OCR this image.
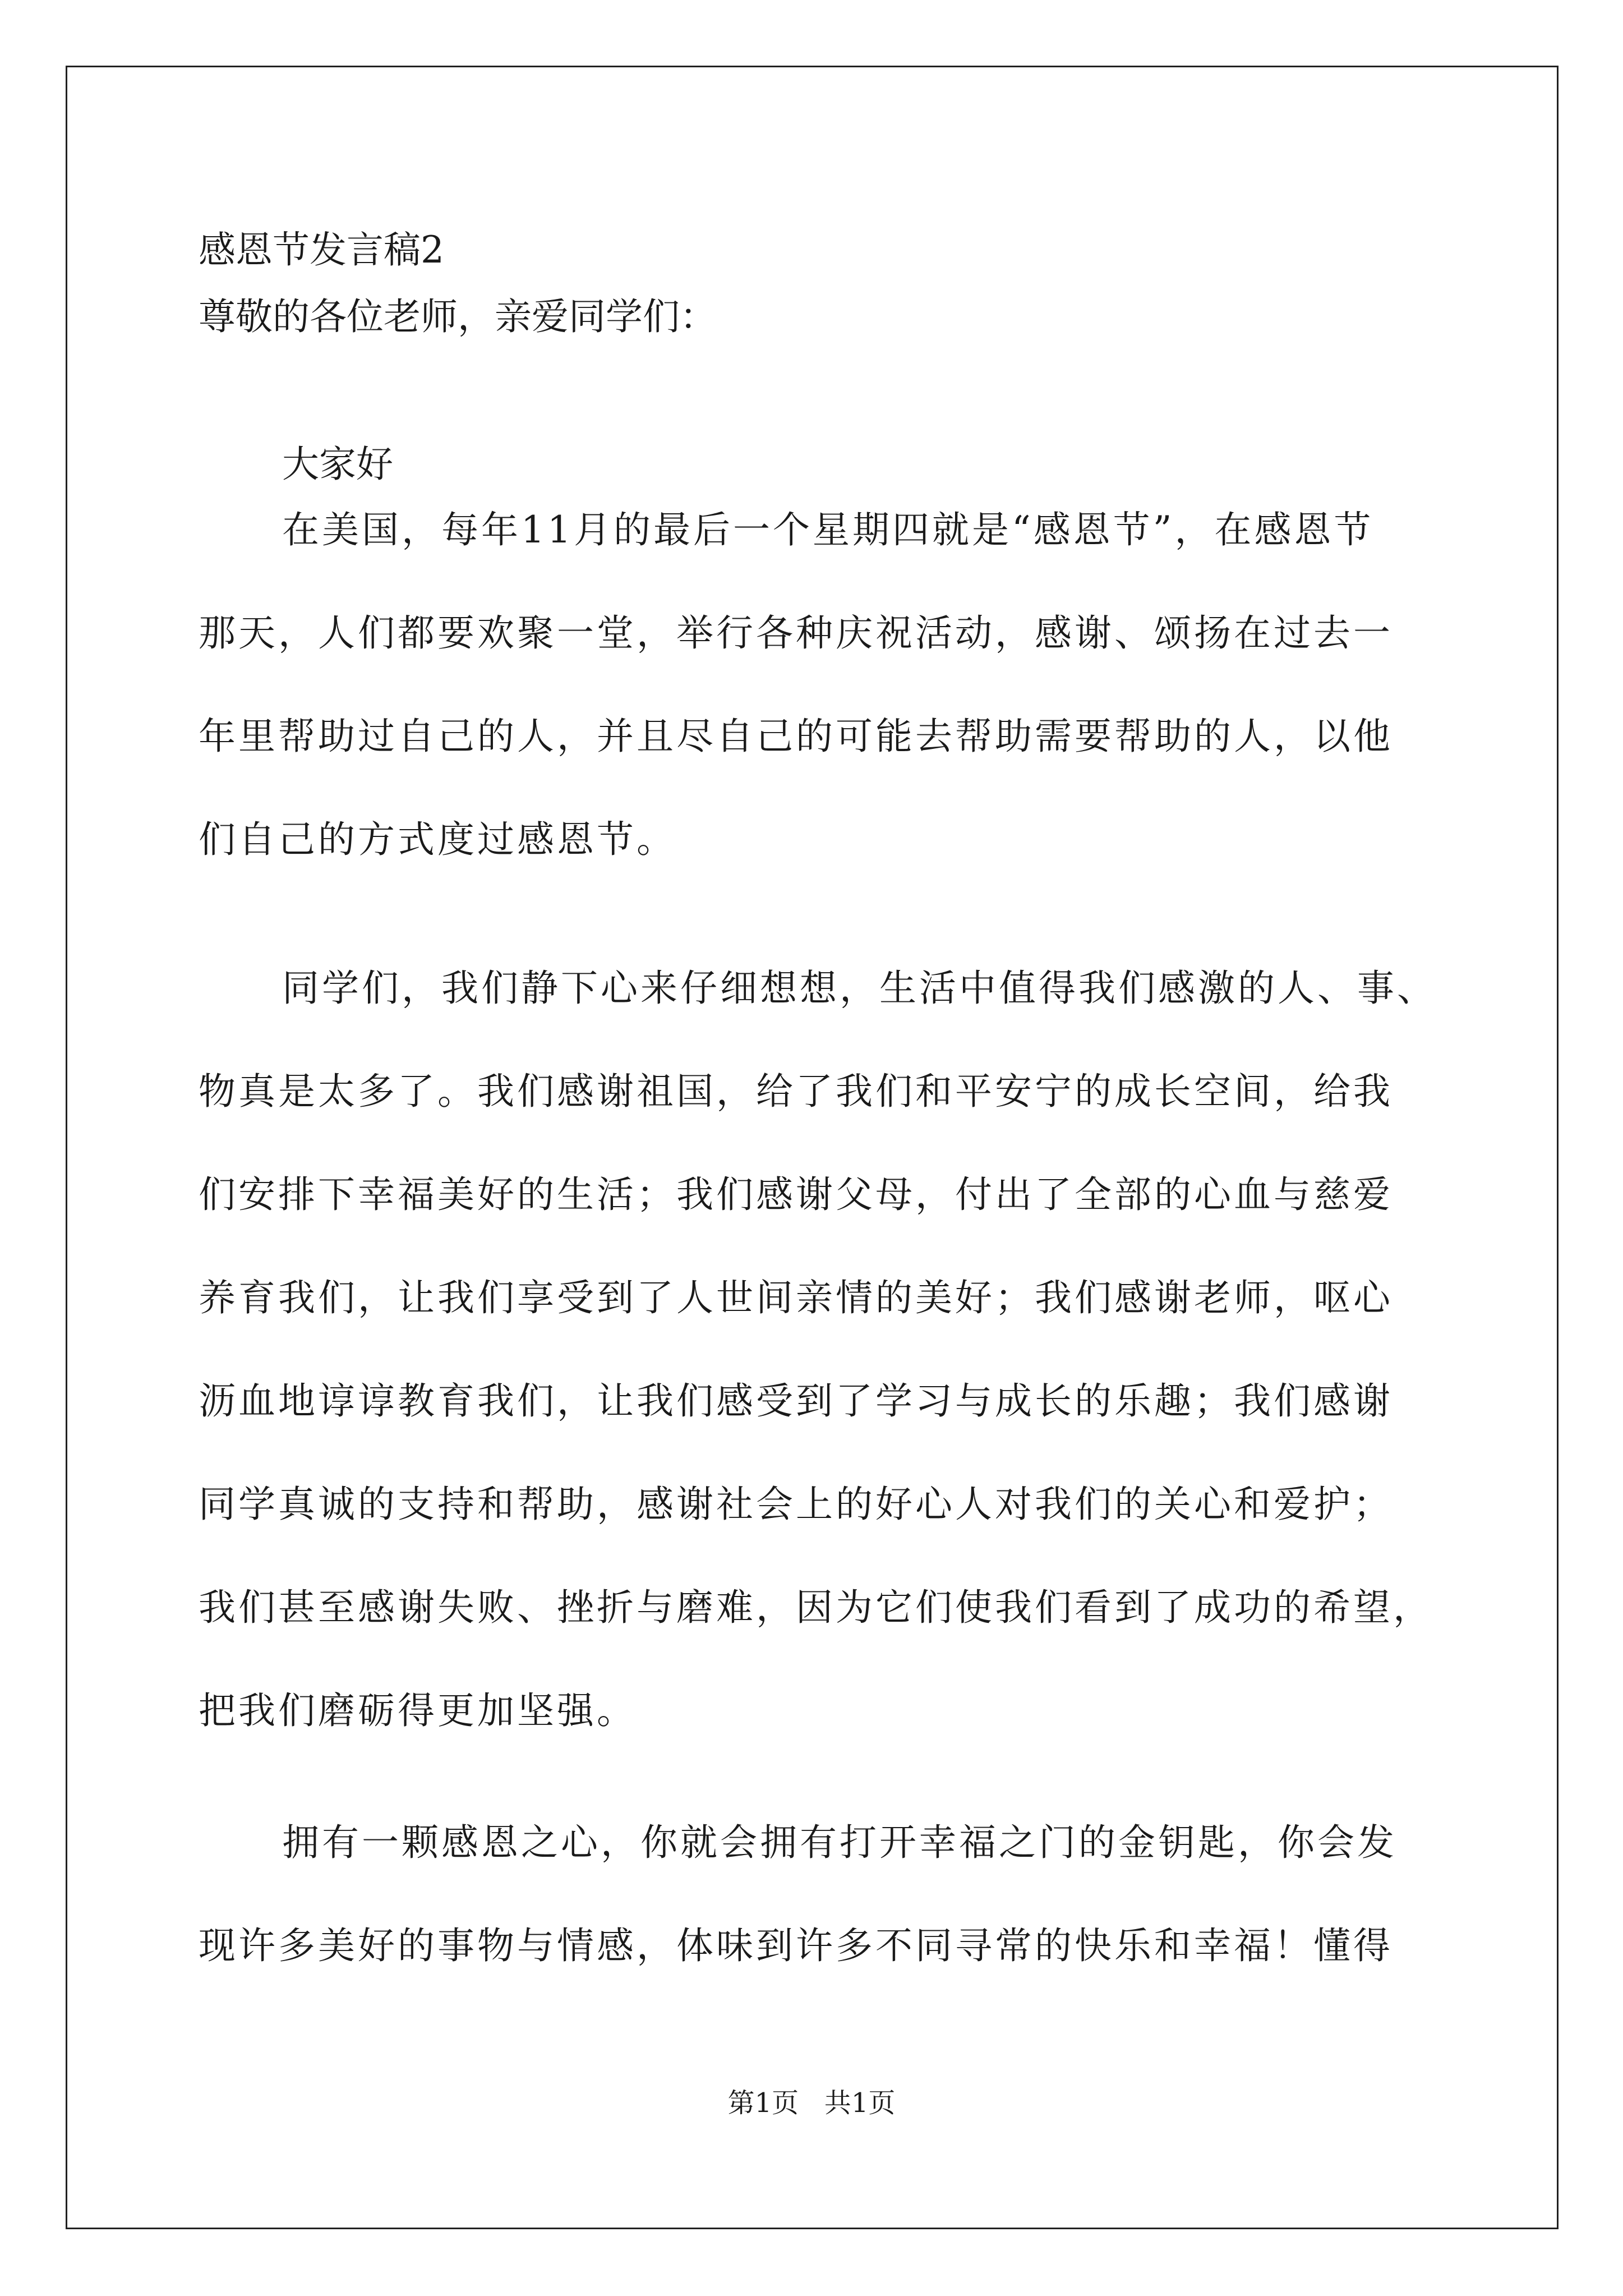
感恩节发言稿2
尊敬的各位老师，亲爱同学们：
大家好
在美国，每年11月的最后一个星期四就是“感恩节”，在感恩节
那天，人们都要欢聚一堂，举行各种庆祝活动，感谢、颂扬在过去一
年里帮助过自己的人，并且尽自己的可能去帮助需要帮助的人，以他
们自己的方式度过感恩节。
同学们，我们静下心来仔细想想，生活中值得我们感激的人、事、
物真是太多了。我们感谢祖国，给了我们和平安宁的成长空间，给我
们安排下幸福美好的生活；我们感谢父母，付出了全部的心血与慈爱
养育我们，让我们享受到了人世间亲情的美好；我们感谢老师，呕心
沥血地谆谆教育我们，让我们感受到了学习与成长的乐趣；我们感谢
同学真诚的支持和帮助，感谢社会上的好心人对我们的关心和爱护；
我们甚至感谢失败、挫折与磨难，因为它们使我们看到了成功的希望，
把我们磨砺得更加坚强。
拥有一颗感恩之心，你就会拥有打开幸福之门的金钥匙，你会发
现许多美好的事物与情感，体味到许多不同寻常的快乐和幸福！懂得
第1页   共1页
